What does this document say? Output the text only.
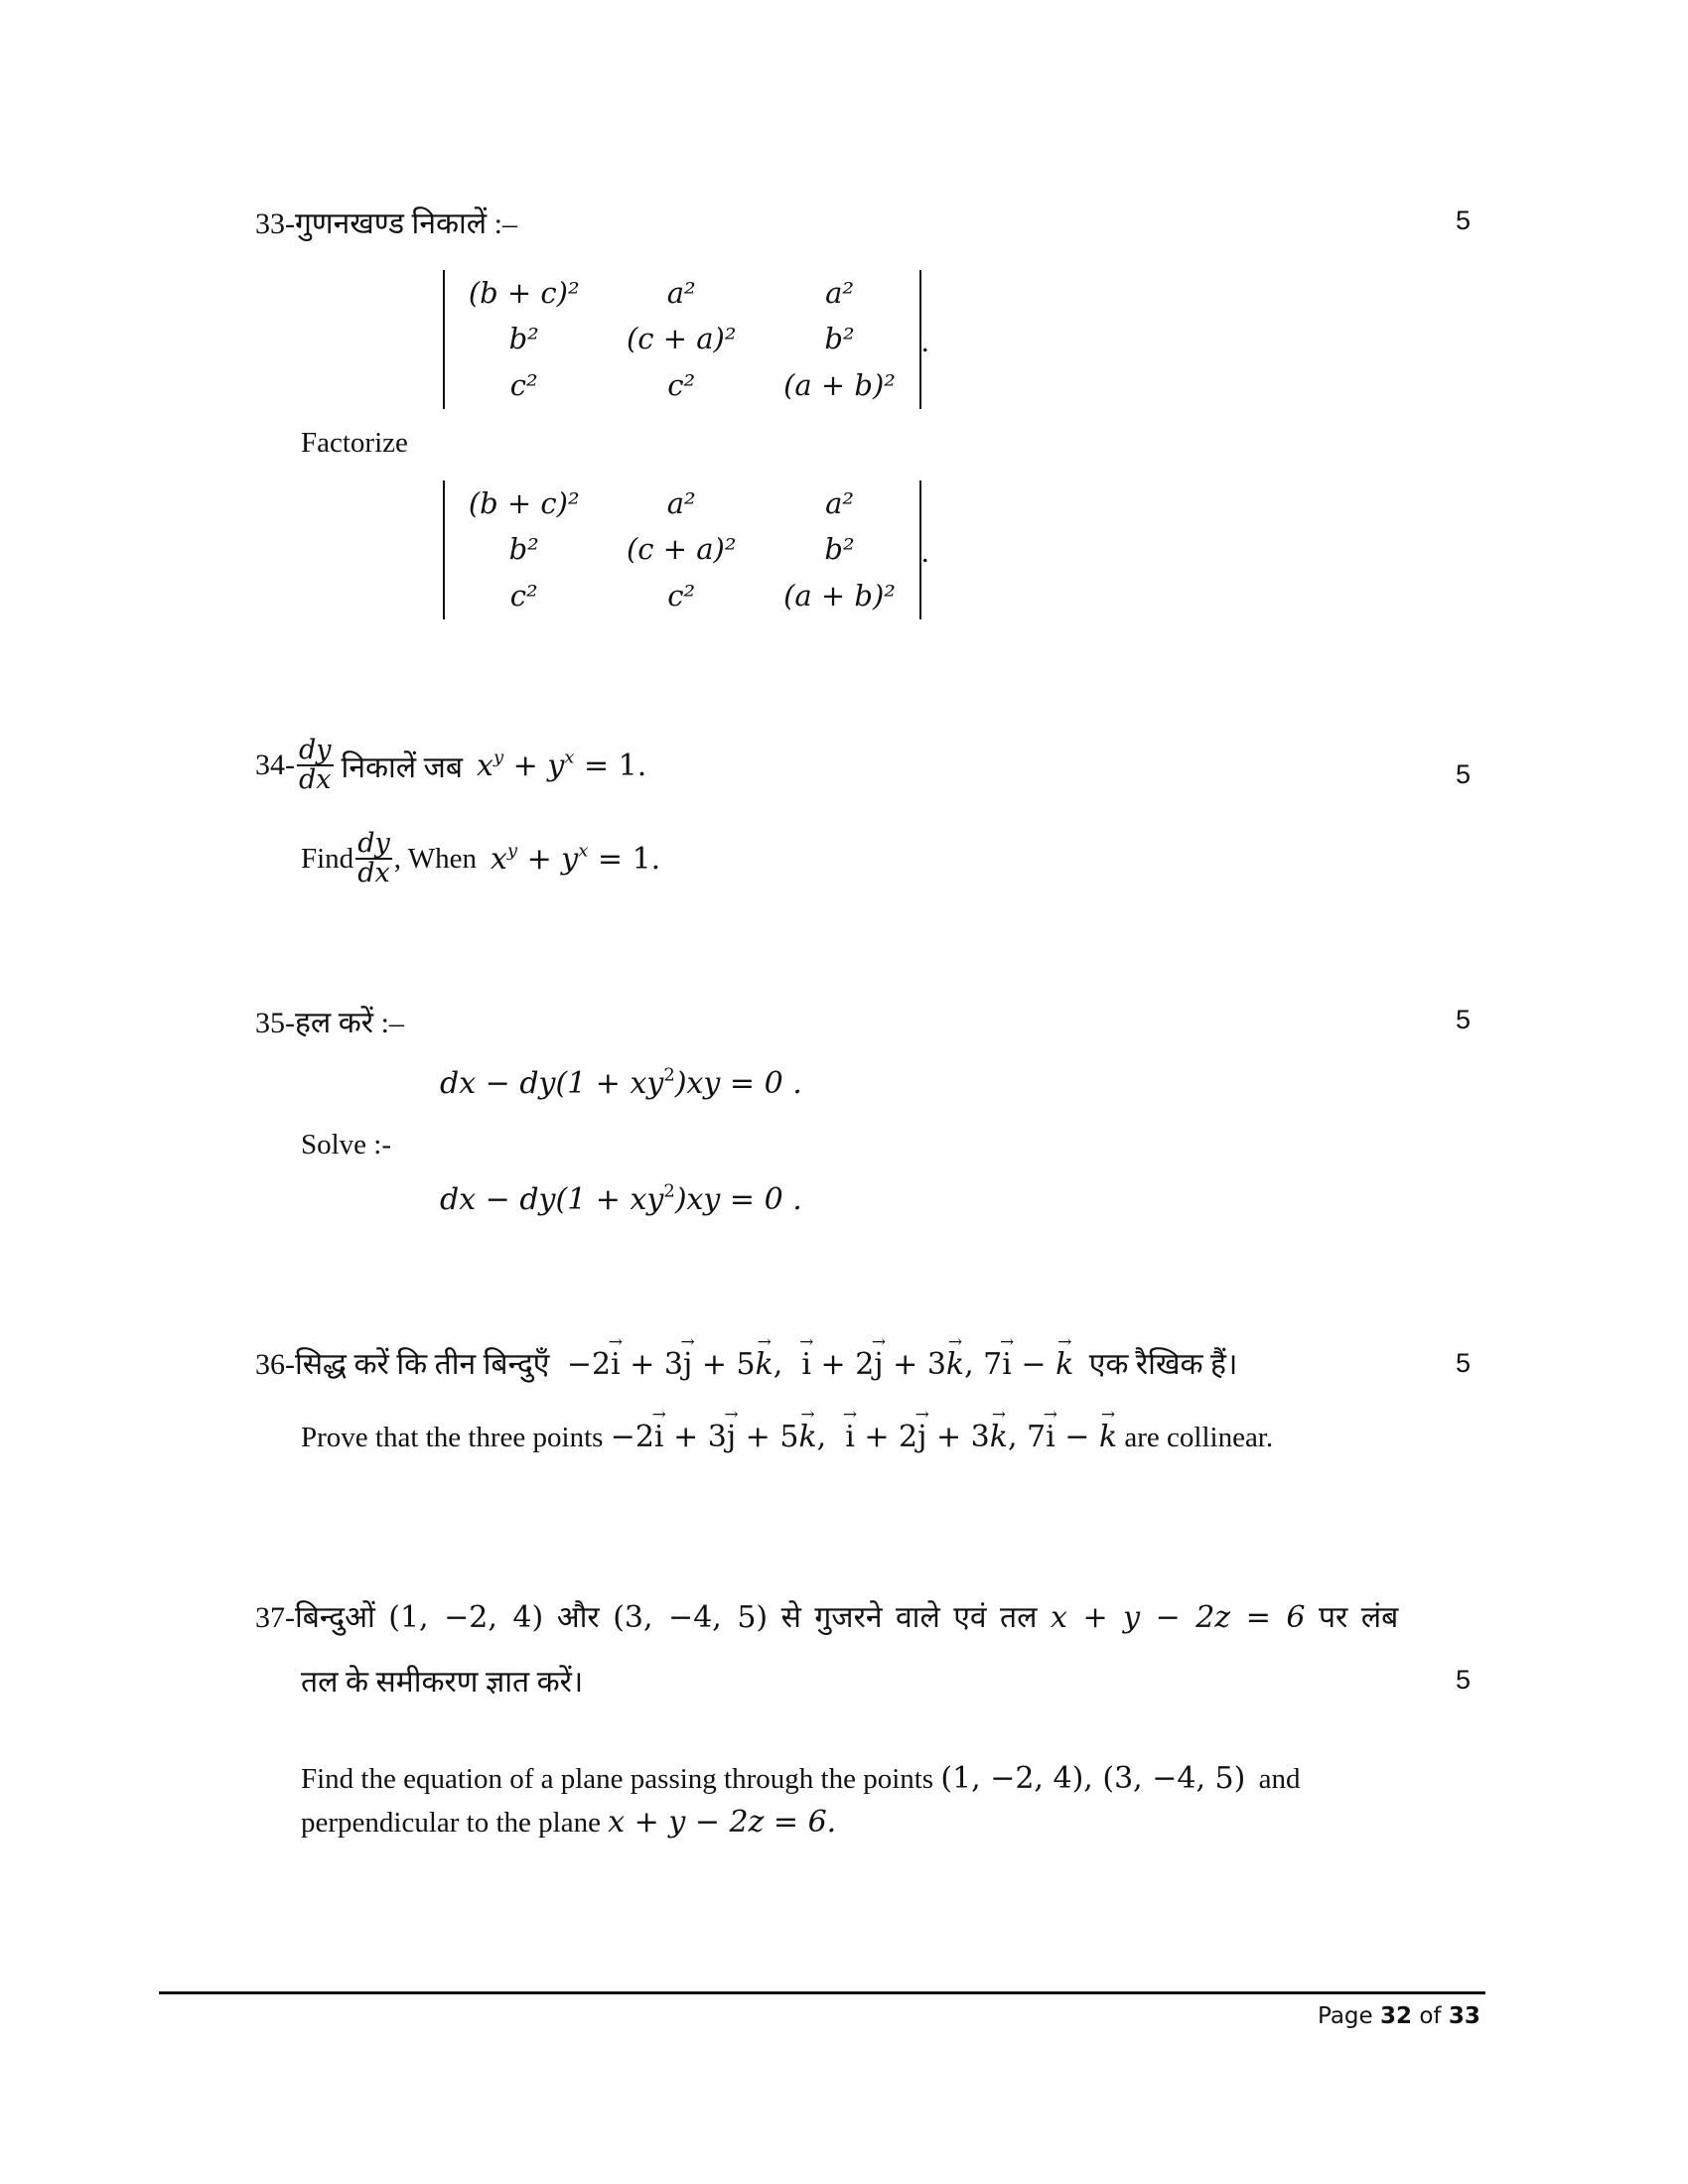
33-गुणनखण्ड निकालें :–	5
(b + c)²	a²	a²
b²	(c + a)²	b²
c²	c²	(a + b)²
.
Factorize
(b + c)²	a²	a²
b²	(c + a)²	b²
c²	c²	(a + b)²
.
$34- \frac{dy}{dx}$ निकालें जब $x^y + y^x = 1$.	5
Find $\frac{dy}{dx}$ , When $x^y + y^x = 1$.
35-हल करें :–	5
dx − $dy(1 + xy^2)xy = 0$ .
Solve :-
dx − $dy(1 + xy^2)xy = 0$ .
36-सिद्ध करें कि तीन बिन्दुएँ −2i → + 3j → + 5k →,  i → + 2j → + 3k →, 7i → − k → एक रैखिक हैं।	5
Prove that the three points −2i → + 3j → + 5k →,  i → + 2j → + 3k →, 7i → − k → are collinear.
37-बिन्दुओं (1, −2, 4) और (3, −4, 5) से गुजरने वाले एवं तल x + y − 2z = 6 पर लंब
तल के समीकरण ज्ञात करें।	5
Find the equation of a plane passing through the points (1, −2, 4), (3, −4, 5) and
perpendicular to the plane x + y − 2z = 6.
Page 32 of 33
